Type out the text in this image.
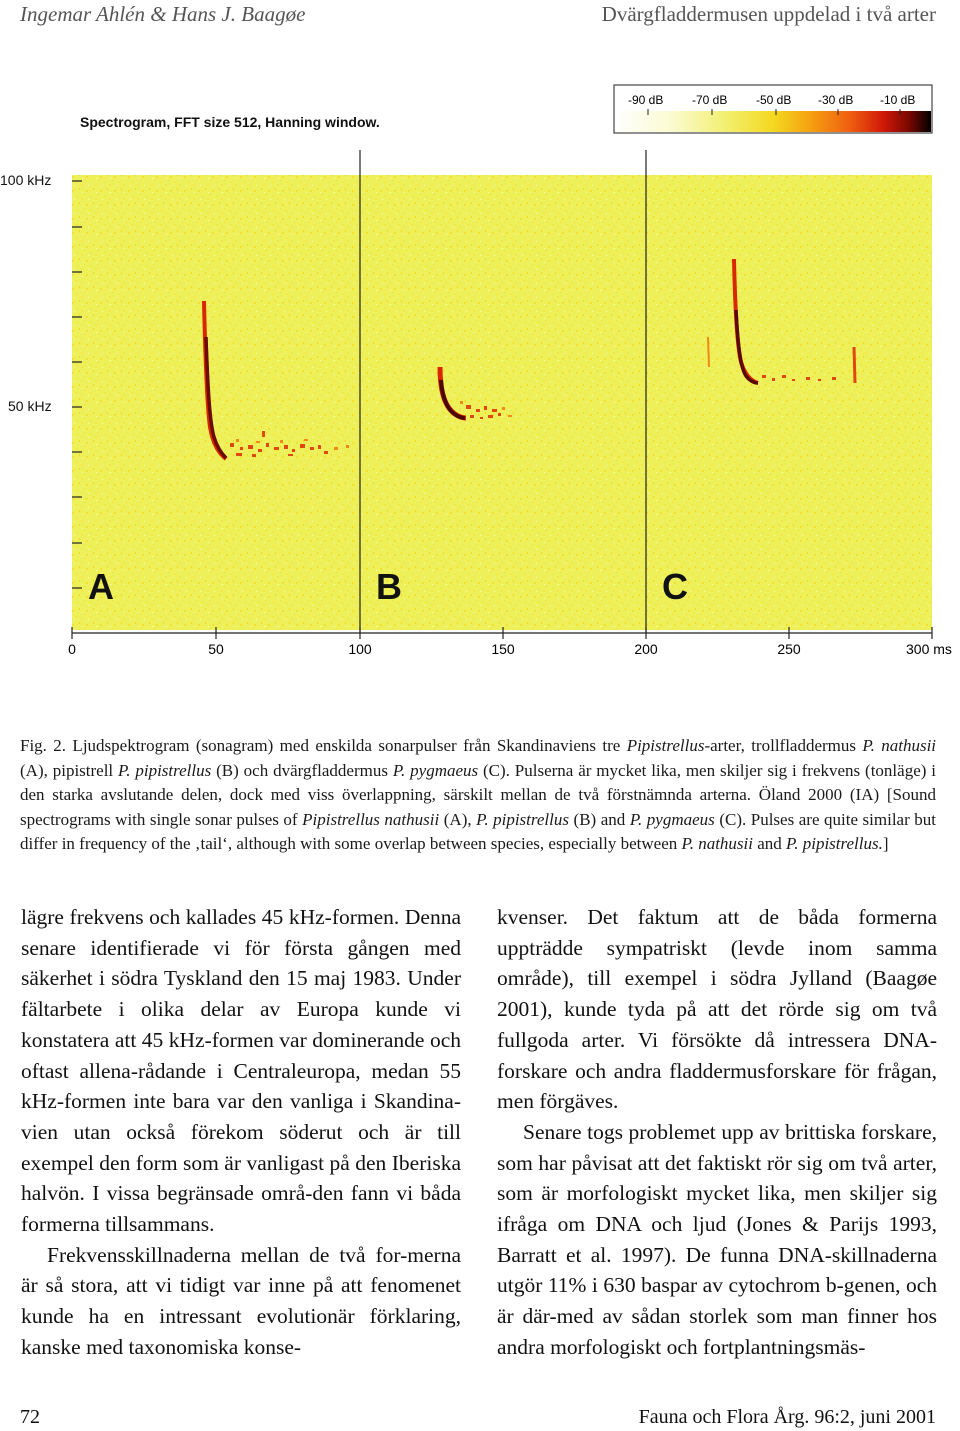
Ingemar Ahlén & Hans J. Baagøe	Dvärgfladdermusen uppdelad i två arter
Spectrogram, FFT size 512, Hanning window.
-90 dB -70 dB -50 dB -30 dB -10 dB
100 kHz
50 kHz
0	50	100	150	200	250	300 ms
A	B	C
Fig. 2. Ljudspektrogram (sonagram) med enskilda sonarpulser från Skandinaviens tre Pipistrellus-arter, trollfladdermus P. nathusii (A), pipistrell P. pipistrellus (B) och dvärgfladdermus P. pygmaeus (C). Pulserna är mycket lika, men skiljer sig i frekvens (tonläge) i den starka avslutande delen, dock med viss överlappning, särskilt mellan de två förstnämnda arterna. Öland 2000 (IA) [Sound spectrograms with single sonar pulses of Pipistrellus nathusii (A), P. pipistrellus (B) and P. pygmaeus (C). Pulses are quite similar but differ in frequency of the ‚tail‘, although with some overlap between species, especially between P. nathusii and P. pipistrellus.]

lägre frekvens och kallades 45 kHz-formen. Denna senare identifierade vi för första gången med säkerhet i södra Tyskland den 15 maj 1983. Under fältarbete i olika delar av Europa kunde vi konstatera att 45 kHz-formen var dominerande och oftast allena-rådande i Centraleuropa, medan 55 kHz-formen inte bara var den vanliga i Skandina-vien utan också förekom söderut och är till exempel den form som är vanligast på den Iberiska halvön. I vissa begränsade områ-den fann vi båda formerna tillsammans.

Frekvensskillnaderna mellan de två for-merna är så stora, att vi tidigt var inne på att fenomenet kunde ha en intressant evolutionär förklaring, kanske med taxonomiska konse-

kvenser. Det faktum att de båda formerna uppträdde sympatriskt (levde inom samma område), till exempel i södra Jylland (Baagøe 2001), kunde tyda på att det rörde sig om två fullgoda arter. Vi försökte då intressera DNA-forskare och andra fladdermusforskare för frågan, men förgäves.

Senare togs problemet upp av brittiska forskare, som har påvisat att det faktiskt rör sig om två arter, som är morfologiskt mycket lika, men skiljer sig ifråga om DNA och ljud (Jones & Parijs 1993, Barratt et al. 1997). De funna DNA-skillnaderna utgör 11% i 630 baspar av cytochrom b-genen, och är där-med av sådan storlek som man finner hos andra morfologiskt och fortplantningsmäs-

72	Fauna och Flora Årg. 96:2, juni 2001
